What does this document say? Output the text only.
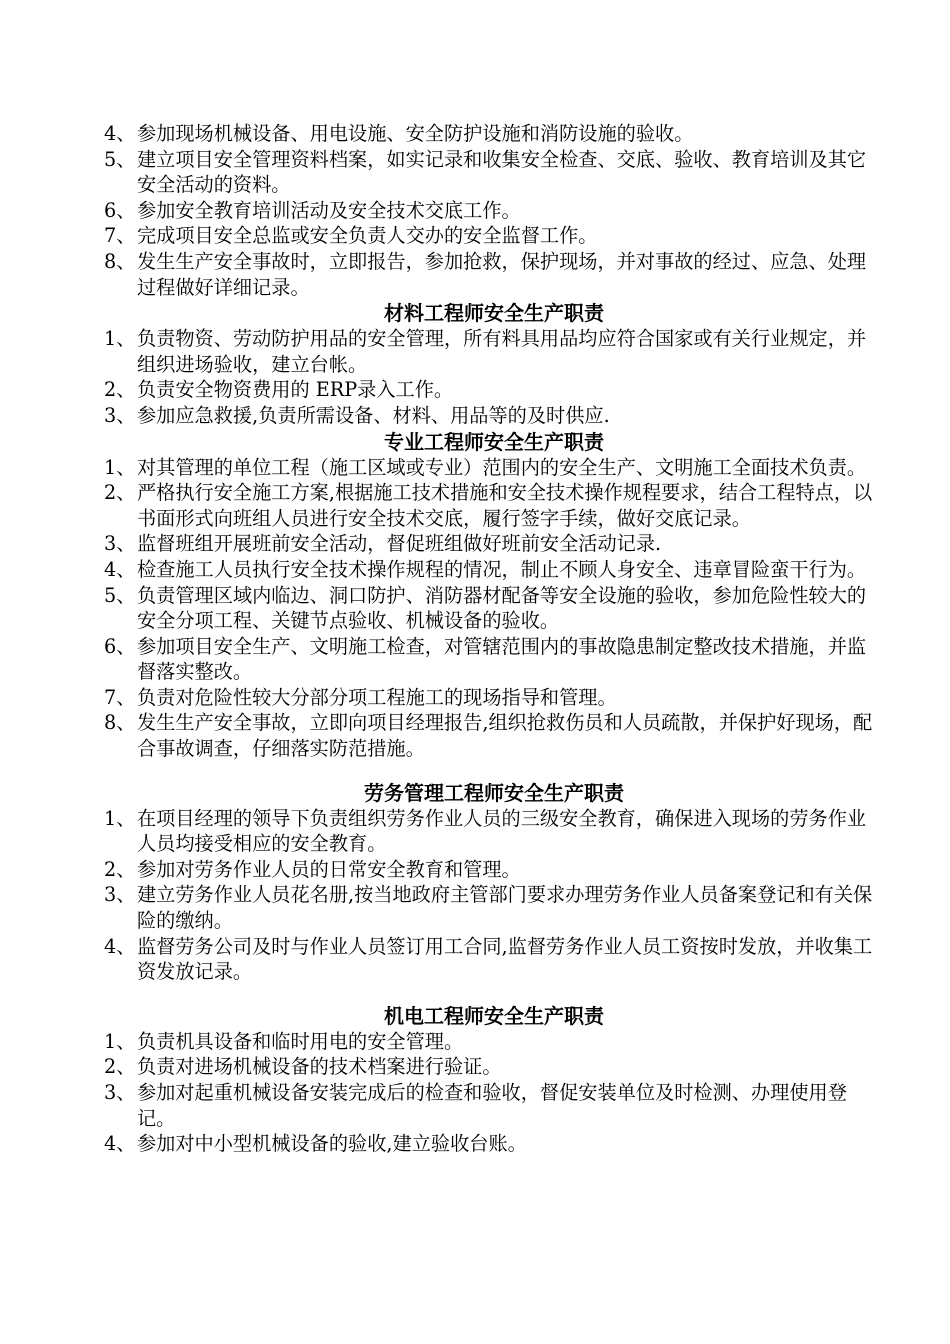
4、 参加现场机械设备、用电设施、安全防护设施和消防设施的验收。

5、 建立项目安全管理资料档案，如实记录和收集安全检查、交底、验收、教育培训及其它安全活动的资料。

6、 参加安全教育培训活动及安全技术交底工作。

7、 完成项目安全总监或安全负责人交办的安全监督工作。

8、 发生生产安全事故时，立即报告，参加抢救，保护现场，并对事故的经过、应急、处理过程做好详细记录。

材料工程师安全生产职责

1、 负责物资、劳动防护用品的安全管理，所有料具用品均应符合国家或有关行业规定，并组织进场验收，建立台帐。

2、 负责安全物资费用的 ERP录入工作。

3、 参加应急救援,负责所需设备、材料、用品等的及时供应.

专业工程师安全生产职责

1、 对其管理的单位工程（施工区域或专业）范围内的安全生产、文明施工全面技术负责。

2、 严格执行安全施工方案,根据施工技术措施和安全技术操作规程要求，结合工程特点，以书面形式向班组人员进行安全技术交底，履行签字手续，做好交底记录。

3、 监督班组开展班前安全活动，督促班组做好班前安全活动记录.

4、 检查施工人员执行安全技术操作规程的情况，制止不顾人身安全、违章冒险蛮干行为。

5、 负责管理区域内临边、洞口防护、消防器材配备等安全设施的验收，参加危险性较大的安全分项工程、关键节点验收、机械设备的验收。

6、 参加项目安全生产、文明施工检查，对管辖范围内的事故隐患制定整改技术措施，并监督落实整改。

7、 负责对危险性较大分部分项工程施工的现场指导和管理。

8、 发生生产安全事故，立即向项目经理报告,组织抢救伤员和人员疏散，并保护好现场，配合事故调查，仔细落实防范措施。

劳务管理工程师安全生产职责

1、 在项目经理的领导下负责组织劳务作业人员的三级安全教育，确保进入现场的劳务作业人员均接受相应的安全教育。

2、 参加对劳务作业人员的日常安全教育和管理。

3、 建立劳务作业人员花名册,按当地政府主管部门要求办理劳务作业人员备案登记和有关保险的缴纳。

4、 监督劳务公司及时与作业人员签订用工合同,监督劳务作业人员工资按时发放，并收集工资发放记录。

机电工程师安全生产职责

1、 负责机具设备和临时用电的安全管理。

2、 负责对进场机械设备的技术档案进行验证。

3、 参加对起重机械设备安装完成后的检查和验收，督促安装单位及时检测、办理使用登记。

4、 参加对中小型机械设备的验收,建立验收台账。
